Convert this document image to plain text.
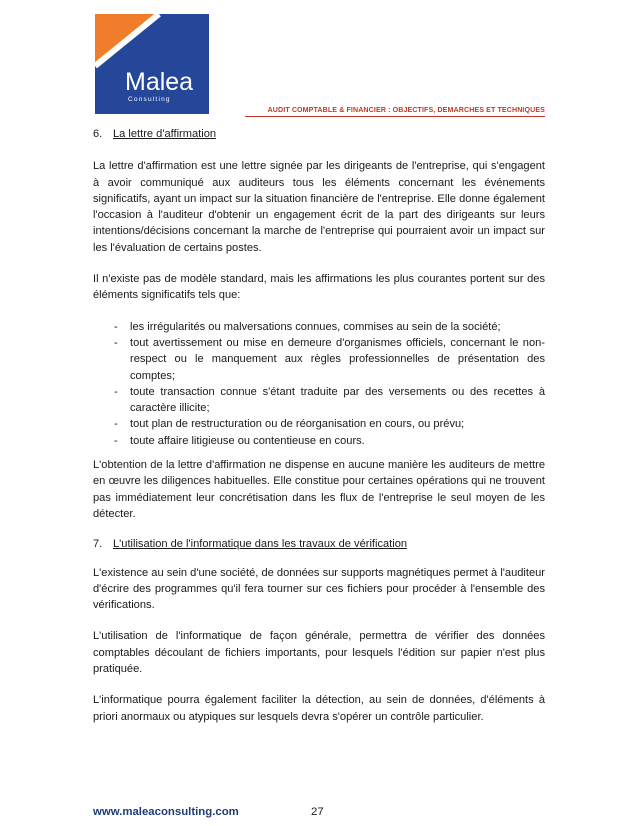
Malea
Consulting
AUDIT COMPTABLE & FINANCIER : OBJECTIFS, DEMARCHES ET TECHNIQUES
6. La lettre d'affirmation

La lettre d'affirmation est une lettre signée par les dirigeants de l'entreprise, qui s'engagent à avoir communiqué aux auditeurs tous les éléments concernant les événements significatifs, ayant un impact sur la situation financière de l'entreprise. Elle donne également l'occasion à l'auditeur d'obtenir un engagement écrit de la part des dirigeants sur leurs intentions/décisions concernant la marche de l'entreprise qui pourraient avoir un impact sur les l'évaluation de certains postes.

Il n'existe pas de modèle standard, mais les affirmations les plus courantes portent sur des éléments significatifs tels que:

- les irrégularités ou malversations connues, commises au sein de la société;
- tout avertissement ou mise en demeure d'organismes officiels, concernant le non-respect ou le manquement aux règles professionnelles de présentation des comptes;
- toute transaction connue s'étant traduite par des versements ou des recettes à caractère illicite;
- tout plan de restructuration ou de réorganisation en cours, ou prévu;
- toute affaire litigieuse ou contentieuse en cours.

L'obtention de la lettre d'affirmation ne dispense en aucune manière les auditeurs de mettre en œuvre les diligences habituelles. Elle constitue pour certaines opérations qui ne trouvent pas immédiatement leur concrétisation dans les flux de l'entreprise le seul moyen de les détecter.

7. L'utilisation de l'informatique dans les travaux de vérification

L'existence au sein d'une société, de données sur supports magnétiques permet à l'auditeur d'écrire des programmes qu'il fera tourner sur ces fichiers pour procéder à l'ensemble des vérifications.

L'utilisation de l'informatique de façon générale, permettra de vérifier des données comptables découlant de fichiers importants, pour lesquels l'édition sur papier n'est plus pratiquée.

L'informatique pourra également faciliter la détection, au sein de données, d'éléments à priori anormaux ou atypiques sur lesquels devra s'opérer un contrôle particulier.

www.maleaconsulting.com	27
